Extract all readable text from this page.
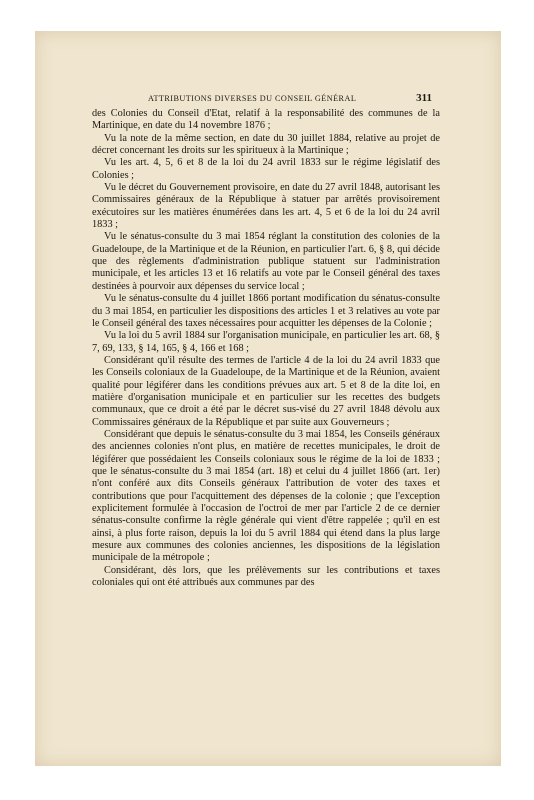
ATTRIBUTIONS DIVERSES DU CONSEIL GÉNÉRAL	311

des Colonies du Conseil d'Etat, relatif à la responsabilité des communes de la Martinique, en date du 14 novembre 1876 ;

Vu la note de la même section, en date du 30 juillet 1884, relative au projet de décret concernant les droits sur les spiritueux à la Martinique ;

Vu les art. 4, 5, 6 et 8 de la loi du 24 avril 1833 sur le régime législatif des Colonies ;

Vu le décret du Gouvernement provisoire, en date du 27 avril 1848, autorisant les Commissaires généraux de la République à statuer par arrêtés provisoirement exécutoires sur les matières énumérées dans les art. 4, 5 et 6 de la loi du 24 avril 1833 ;

Vu le sénatus-consulte du 3 mai 1854 réglant la constitution des colonies de la Guadeloupe, de la Martinique et de la Réunion, en particulier l'art. 6, § 8, qui décide que des règlements d'administration publique statuent sur l'administration municipale, et les articles 13 et 16 relatifs au vote par le Conseil général des taxes destinées à pourvoir aux dépenses du service local ;

Vu le sénatus-consulte du 4 juillet 1866 portant modification du sénatus-consulte du 3 mai 1854, en particulier les dispositions des articles 1 et 3 relatives au vote par le Conseil général des taxes nécessaires pour acquitter les dépenses de la Colonie ;

Vu la loi du 5 avril 1884 sur l'organisation municipale, en particulier les art. 68, § 7, 69, 133, § 14, 165, § 4, 166 et 168 ;

Considérant qu'il résulte des termes de l'article 4 de la loi du 24 avril 1833 que les Conseils coloniaux de la Guadeloupe, de la Martinique et de la Réunion, avaient qualité pour légiférer dans les conditions prévues aux art. 5 et 8 de la dite loi, en matière d'organisation municipale et en particulier sur les recettes des budgets communaux, que ce droit a été par le décret sus-visé du 27 avril 1848 dévolu aux Commissaires généraux de la République et par suite aux Gouverneurs ;

Considérant que depuis le sénatus-consulte du 3 mai 1854, les Conseils généraux des anciennes colonies n'ont plus, en matière de recettes municipales, le droit de légiférer que possédaient les Conseils coloniaux sous le régime de la loi de 1833 ; que le sénatus-consulte du 3 mai 1854 (art. 18) et celui du 4 juillet 1866 (art. 1er) n'ont conféré aux dits Conseils généraux l'attribution de voter des taxes et contributions que pour l'acquittement des dépenses de la colonie ; que l'exception explicitement formulée à l'occasion de l'octroi de mer par l'article 2 de ce dernier sénatus-consulte confirme la règle générale qui vient d'être rappelée ; qu'il en est ainsi, à plus forte raison, depuis la loi du 5 avril 1884 qui étend dans la plus large mesure aux communes des colonies anciennes, les dispositions de la législation municipale de la métropole ;

Considérant, dès lors, que les prélèvements sur les contributions et taxes coloniales qui ont été attribués aux communes par des
